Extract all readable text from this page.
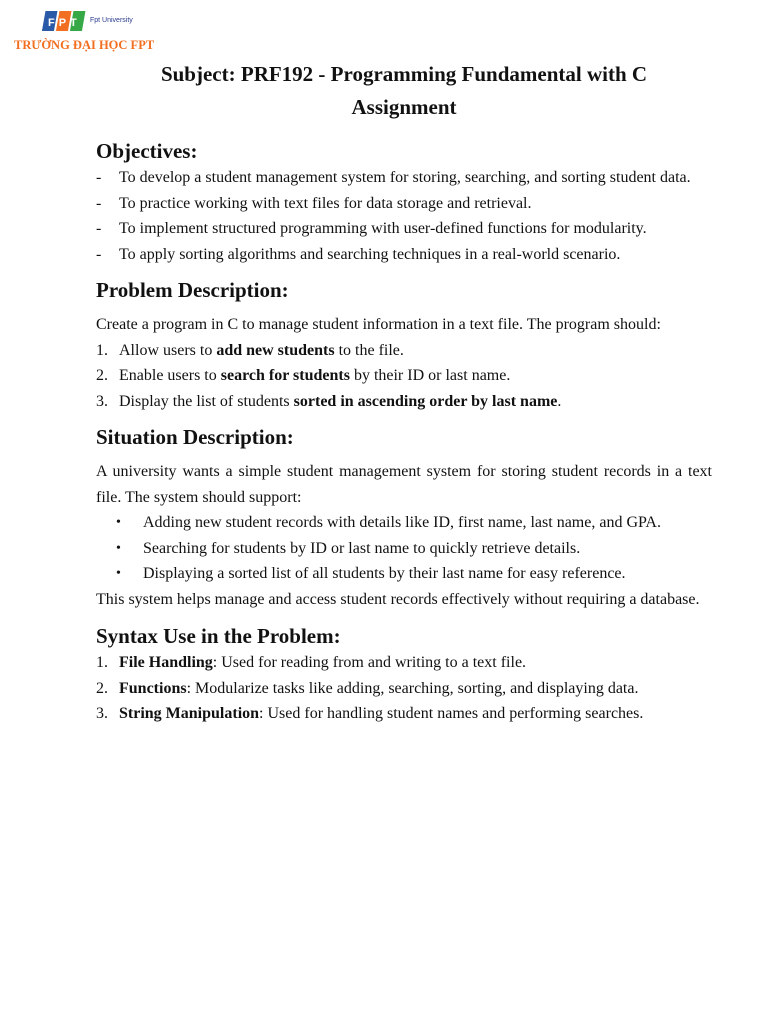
FPT Fpt University
TRƯỜNG ĐẠI HỌC FPT
Subject: PRF192 - Programming Fundamental with C
Assignment
Objectives:
- To develop a student management system for storing, searching, and sorting student data.
- To practice working with text files for data storage and retrieval.
- To implement structured programming with user-defined functions for modularity.
- To apply sorting algorithms and searching techniques in a real-world scenario.
Problem Description:

Create a program in C to manage student information in a text file. The program should:

1. Allow users to add new students to the file.
2. Enable users to search for students by their ID or last name.
3. Display the list of students sorted in ascending order by last name.
Situation Description:

A university wants a simple student management system for storing student records in a text file. The system should support:

• Adding new student records with details like ID, first name, last name, and GPA.
• Searching for students by ID or last name to quickly retrieve details.
• Displaying a sorted list of all students by their last name for easy reference.

This system helps manage and access student records effectively without requiring a database.

Syntax Use in the Problem:
1. File Handling: Used for reading from and writing to a text file.
2. Functions: Modularize tasks like adding, searching, sorting, and displaying data.
3. String Manipulation: Used for handling student names and performing searches.
